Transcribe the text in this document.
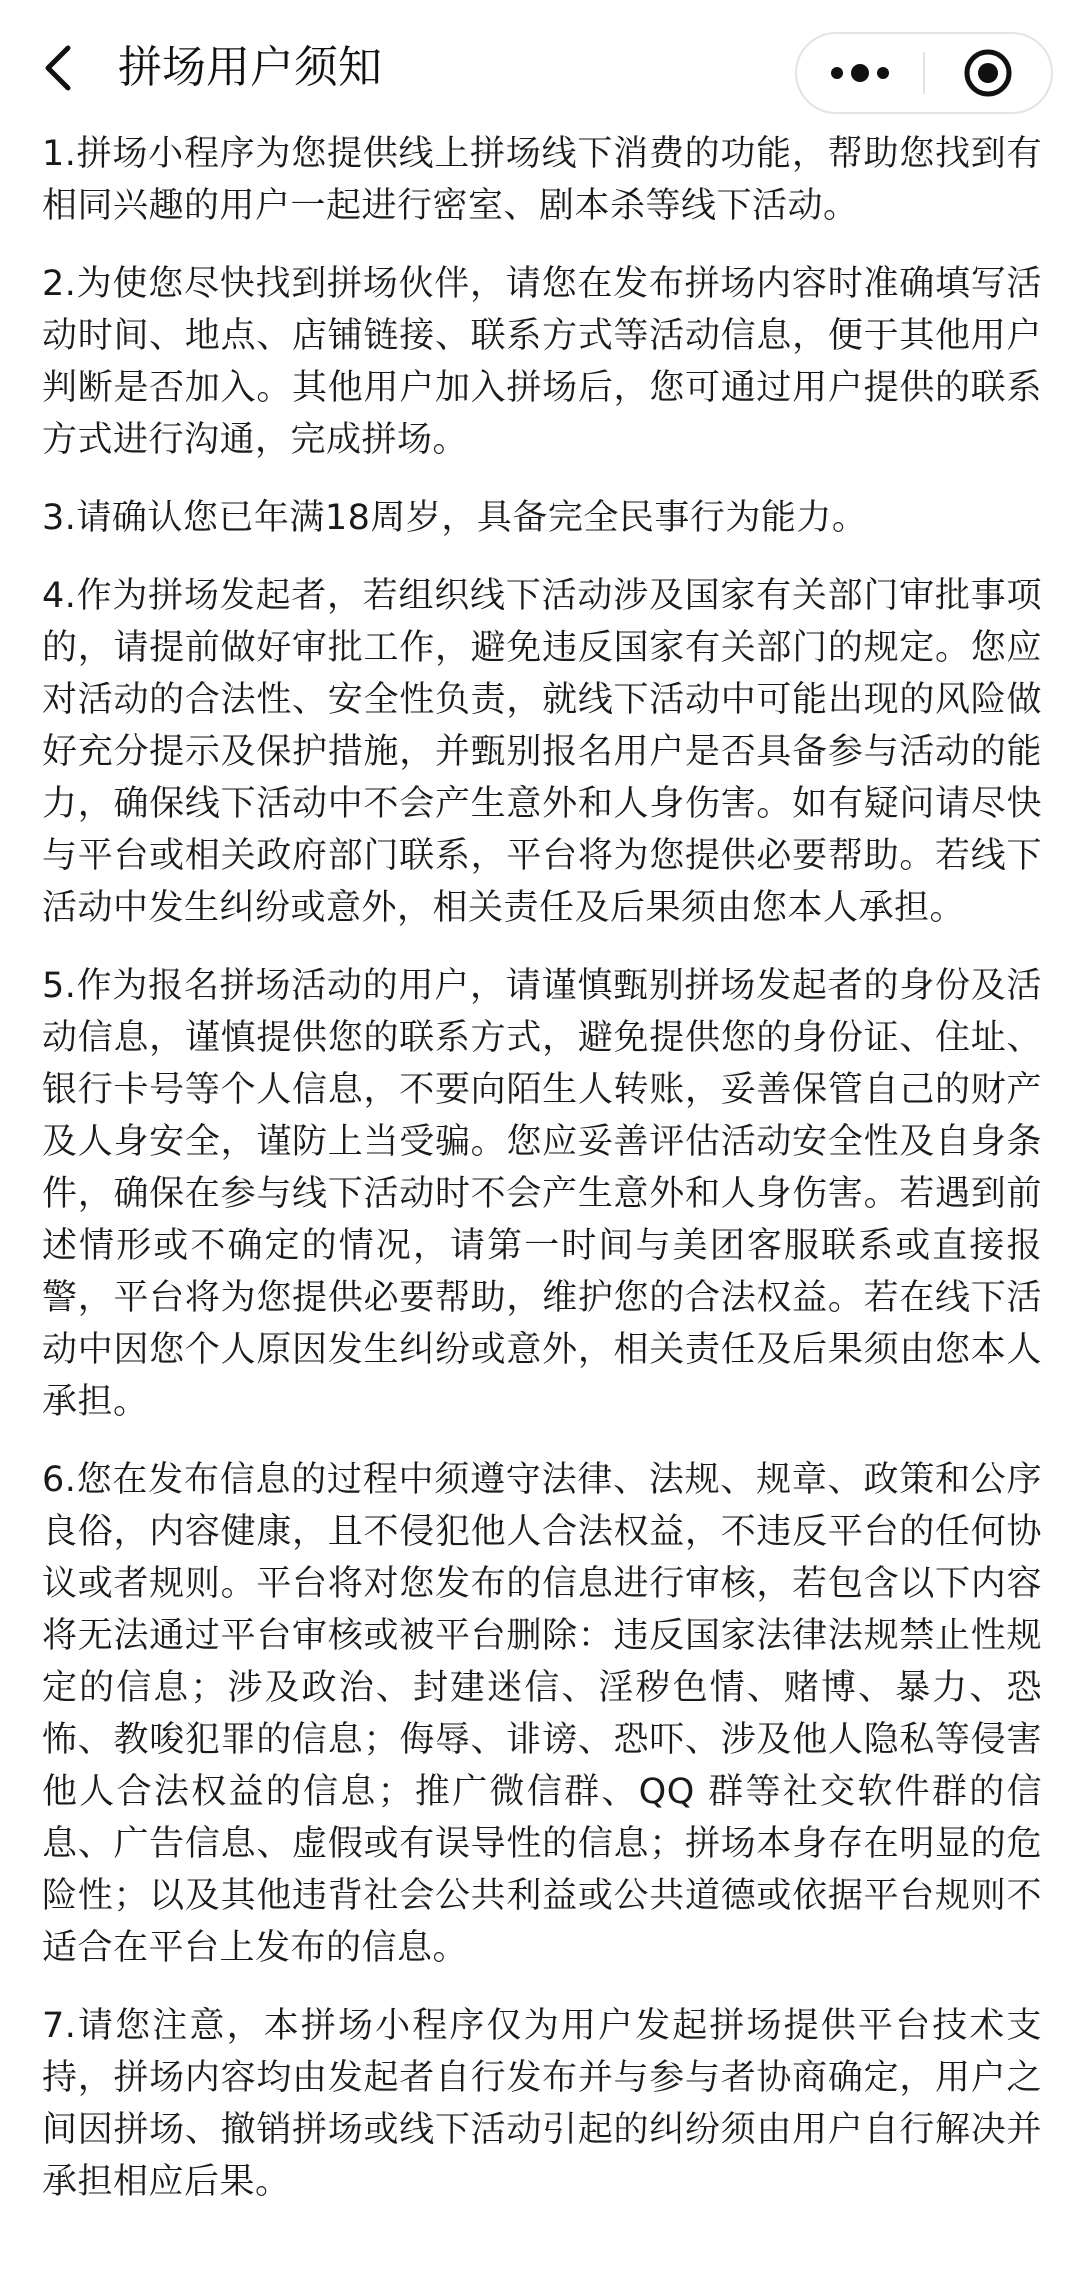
拼场用户须知

1.拼场小程序为您提供线上拼场线下消费的功能，帮助您找到有相同兴趣的用户一起进行密室、剧本杀等线下活动。

2.为使您尽快找到拼场伙伴，请您在发布拼场内容时准确填写活动时间、地点、店铺链接、联系方式等活动信息，便于其他用户判断是否加入。其他用户加入拼场后，您可通过用户提供的联系方式进行沟通，完成拼场。

3.请确认您已年满18周岁，具备完全民事行为能力。

4.作为拼场发起者，若组织线下活动涉及国家有关部门审批事项的，请提前做好审批工作，避免违反国家有关部门的规定。您应对活动的合法性、安全性负责，就线下活动中可能出现的风险做好充分提示及保护措施，并甄别报名用户是否具备参与活动的能力，确保线下活动中不会产生意外和人身伤害。如有疑问请尽快与平台或相关政府部门联系，平台将为您提供必要帮助。若线下活动中发生纠纷或意外，相关责任及后果须由您本人承担。

5.作为报名拼场活动的用户，请谨慎甄别拼场发起者的身份及活动信息，谨慎提供您的联系方式，避免提供您的身份证、住址、银行卡号等个人信息，不要向陌生人转账，妥善保管自己的财产及人身安全，谨防上当受骗。您应妥善评估活动安全性及自身条件，确保在参与线下活动时不会产生意外和人身伤害。若遇到前述情形或不确定的情况，请第一时间与美团客服联系或直接报警，平台将为您提供必要帮助，维护您的合法权益。若在线下活动中因您个人原因发生纠纷或意外，相关责任及后果须由您本人承担。

6.您在发布信息的过程中须遵守法律、法规、规章、政策和公序良俗，内容健康，且不侵犯他人合法权益，不违反平台的任何协议或者规则。平台将对您发布的信息进行审核，若包含以下内容将无法通过平台审核或被平台删除：违反国家法律法规禁止性规定的信息；涉及政治、封建迷信、淫秽色情、赌博、暴力、恐怖、教唆犯罪的信息；侮辱、诽谤、恐吓、涉及他人隐私等侵害他人合法权益的信息；推广微信群、QQ 群等社交软件群的信息、广告信息、虚假或有误导性的信息；拼场本身存在明显的危险性；以及其他违背社会公共利益或公共道德或依据平台规则不适合在平台上发布的信息。

7.请您注意，本拼场小程序仅为用户发起拼场提供平台技术支持，拼场内容均由发起者自行发布并与参与者协商确定，用户之间因拼场、撤销拼场或线下活动引起的纠纷须由用户自行解决并承担相应后果。
